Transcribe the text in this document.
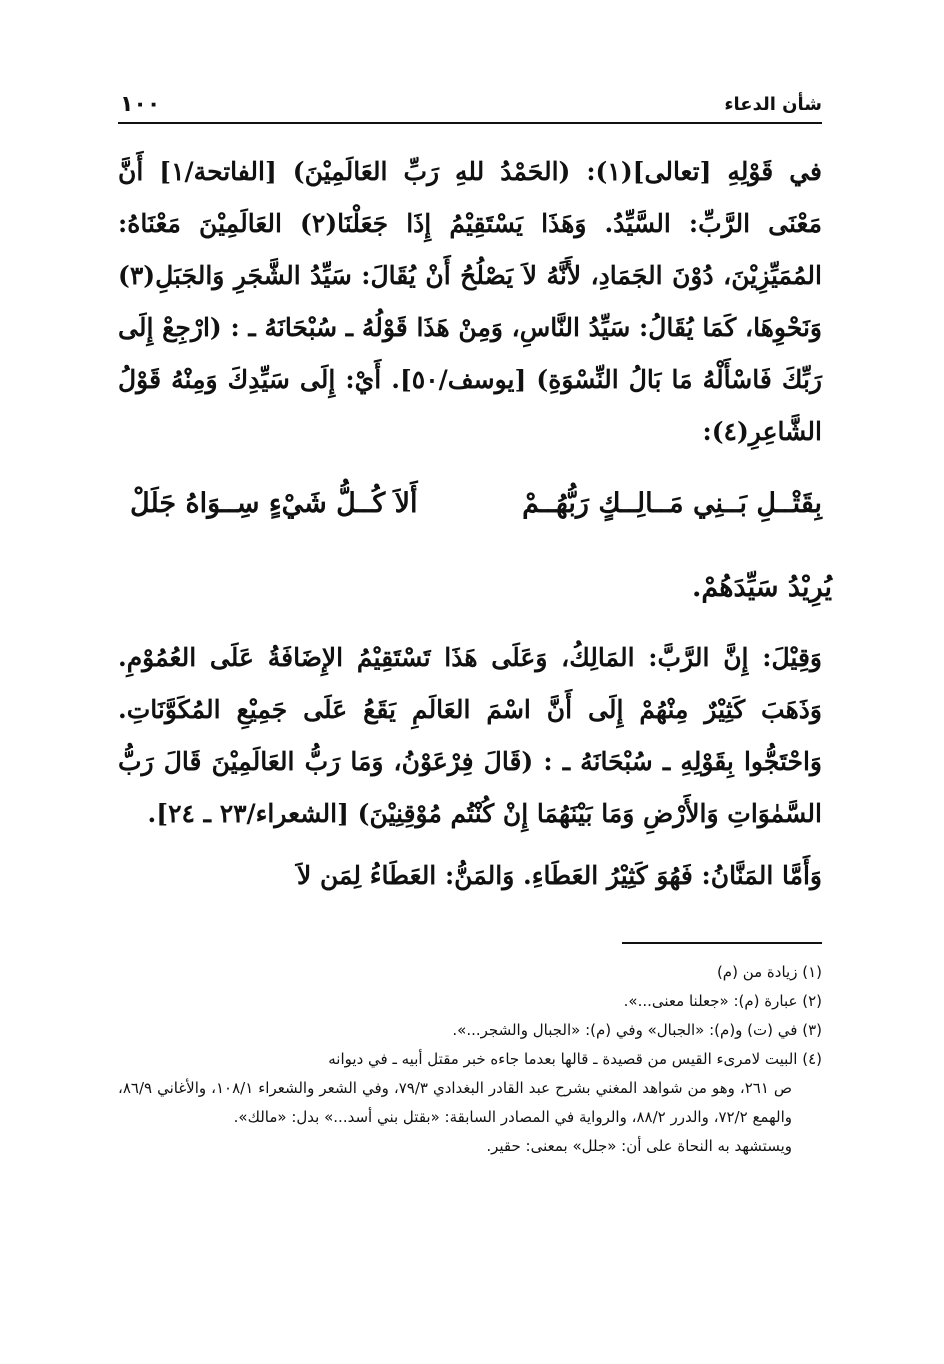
شأن الدعاء
١٠٠

في قَوْلِهِ [تعالى](١): (الحَمْدُ للهِ رَبِّ العَالَمِيْنَ) [الفاتحة/١] أَنَّ مَعْنَى الرَّبِّ: السَّيِّدُ. وَهَذَا يَسْتَقِيْمُ إِذَا جَعَلْنَا(٢) العَالَمِيْنَ مَعْنَاهُ: المُمَيِّزِيْنَ، دُوْنَ الجَمَادِ، لأَنَّهُ لاَ يَصْلُحُ أَنْ يُقَالَ: سَيِّدُ الشَّجَرِ وَالجَبَلِ(٣) وَنَحْوِهَا، كَمَا يُقَالُ: سَيِّدُ النَّاسِ، وَمِنْ هَذَا قَوْلُهُ ـ سُبْحَانَهُ ـ : (ارْجِعْ إِلَى رَبِّكَ فَاسْأَلْهُ مَا بَالُ النِّسْوَةِ) [يوسف/٥٠]. أَيْ: إِلَى سَيِّدِكَ وَمِنْهُ قَوْلُ الشَّاعِرِ(٤):

بِقَتْــلِ بَــنِي مَــالِــكٍ رَبُّهُــمْ
أَلاَ كُــلُّ شَيْءٍ سِــوَاهُ جَلَلْ
يُرِيْدُ سَيِّدَهُمْ.

وَقِيْلَ: إِنَّ الرَّبَّ: المَالِكُ، وَعَلَى هَذَا تَسْتَقِيْمُ الإِضَافَةُ عَلَى العُمُوْمِ. وَذَهَبَ كَثِيْرٌ مِنْهُمْ إِلَى أَنَّ اسْمَ العَالَمِ يَقَعُ عَلَى جَمِيْعِ المُكَوَّنَاتِ. وَاحْتَجُّوا بِقَوْلِهِ ـ سُبْحَانَهُ ـ : (قَالَ فِرْعَوْنُ، وَمَا رَبُّ العَالَمِيْنَ قَالَ رَبُّ السَّمٰوَاتِ وَالأَرْضِ وَمَا بَيْنَهُمَا إِنْ كُنْتُم مُوْقِنِيْنَ) [الشعراء/٢٣ ـ ٢٤].

وَأَمَّا المَنَّانُ: فَهُوَ كَثِيْرُ العَطَاءِ. وَالمَنُّ: العَطَاءُ لِمَن لاَ

(١) زيادة من (م)

(٢) عبارة (م): «جعلنا معنى...».

(٣) في (ت) و(م): «الجبال» وفي (م): «الجبال والشجر...».

(٤) البيت لامرىء القيس من قصيدة ـ قالها بعدما جاءه خبر مقتل أبيه ـ في ديوانه

ص ٢٦١، وهو من شواهد المغني بشرح عبد القادر البغدادي ٧٩/٣، وفي الشعر والشعراء ١٠٨/١، والأغاني ٨٦/٩، والهمع ٧٢/٢، والدرر ٨٨/٢، والرواية في المصادر السابقة: «بقتل بني أسد...» بدل: «مالك».

ويستشهد به النحاة على أن: «جلل» بمعنى: حقير.
